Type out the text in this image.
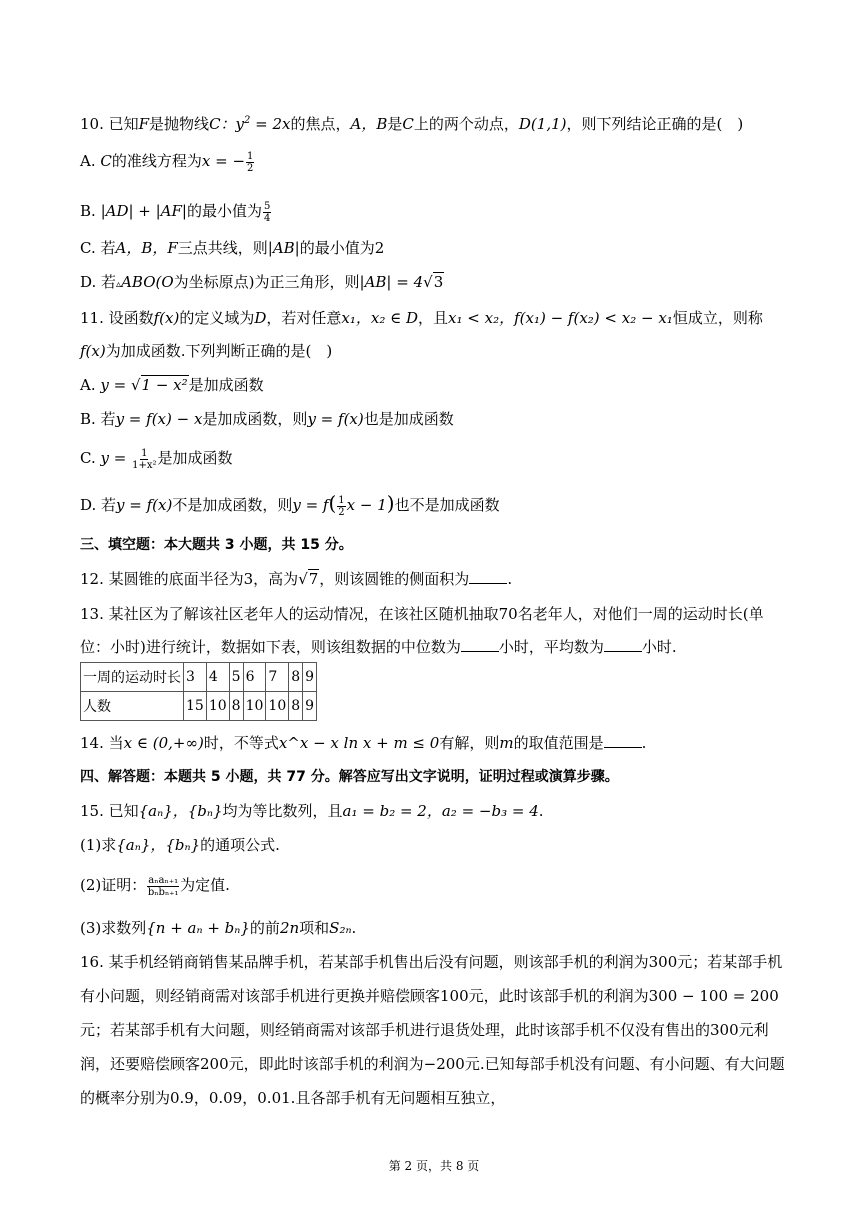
10. 已知F是抛物线C：$y^2 = 2x$的焦点，A，B是C上的两个动点，D(1,1)，则下列结论正确的是(　)
A. C的准线方程为x = − $\frac{1}{2}$
B. |AD| + |AF|的最小值为 $\frac{5}{4}$
C. 若A，B，F三点共线，则|AB|的最小值为2
D. 若▵ABO(O为坐标原点)为正三角形，则|AB| = 4√3
11. 设函数f(x)的定义域为D，若对任意x₁，x₂ ∈ D，且x₁ < x₂，f(x₁) − f(x₂) < x₂ − x₁恒成立，则称
f(x)为加成函数.下列判断正确的是(　)
A. y = √1 − x²是加成函数
B. 若y = f(x) − x是加成函数，则y = f(x)也是加成函数
C. $y = \frac{1}{\text{1+x²}}$ 是加成函数
D. 若y = f(x)不是加成函数，则$y = f( \frac{1}{2}$ x − 1)也不是加成函数
三、填空题：本大题共 3 小题，共 15 分。
12. 某圆锥的底面半径为3，高为√7，则该圆锥的侧面积为	.
13. 某社区为了解该社区老年人的运动情况，在该社区随机抽取70名老年人，对他们一周的运动时长(单
位：小时)进行统计，数据如下表，则该组数据的中位数为	小时，平均数为	小时.
一周的运动时长	3	4	5	6	7	8	9
人数	15	10	8	10	10	8	9
14. 当x ∈ (0,+∞)时，不等式x^x − x ln x + m ≤ 0有解，则m的取值范围是	.
四、解答题：本题共 5 小题，共 77 分。解答应写出文字说明，证明过程或演算步骤。
15. 已知{aₙ}，{bₙ}均为等比数列，且a₁ = b₂ = 2，a₂ = −b₃ = 4.
(1)求{aₙ}，{bₙ}的通项公式.
(2)证明： $\frac{\text{aₙaₙ₊₁}}{\text{bₙbₙ₊₁}}$ 为定值.
(3)求数列{n + aₙ + bₙ}的前2n项和S₂ₙ.
16. 某手机经销商销售某品牌手机，若某部手机售出后没有问题，则该部手机的利润为300元；若某部手机
有小问题，则经销商需对该部手机进行更换并赔偿顾客100元，此时该部手机的利润为300 − 100 = 200
元；若某部手机有大问题，则经销商需对该部手机进行退货处理，此时该部手机不仅没有售出的300元利
润，还要赔偿顾客200元，即此时该部手机的利润为−200元.已知每部手机没有问题、有小问题、有大问题
的概率分别为0.9，0.09，0.01.且各部手机有无问题相互独立，
第 2 页，共 8 页
